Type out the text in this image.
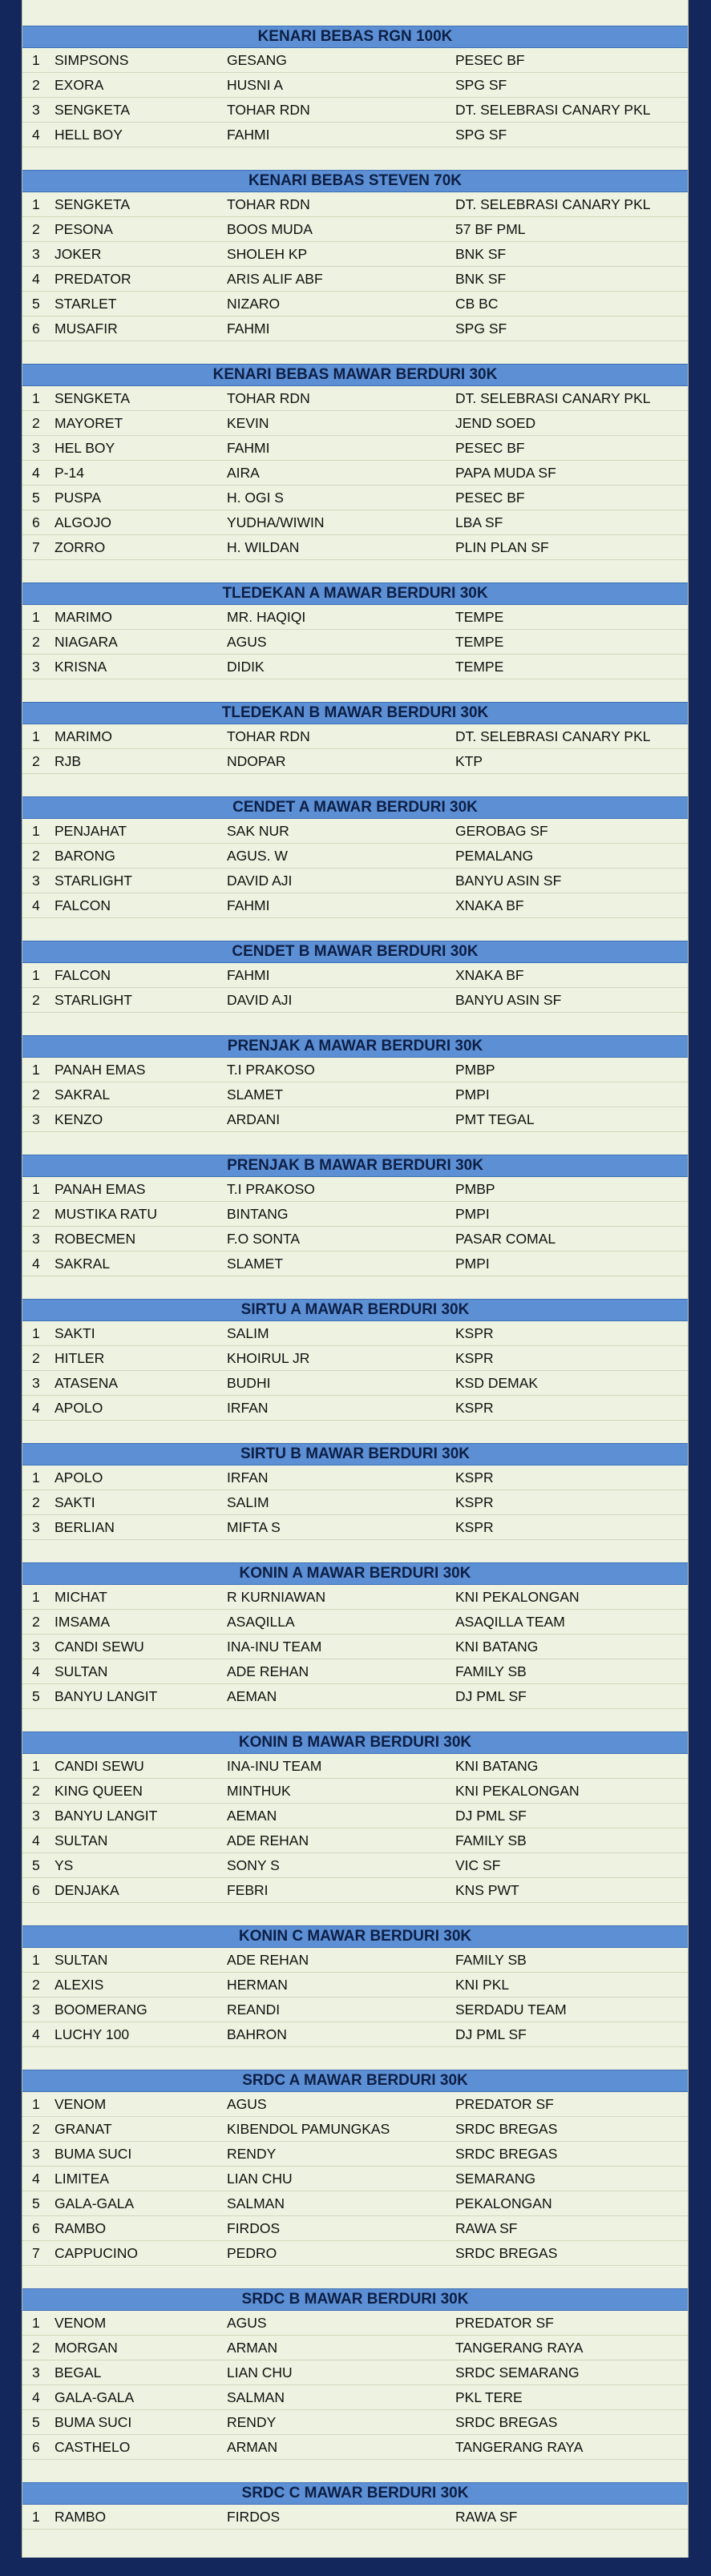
KENARI BEBAS RGN 100K
1 SIMPSONS	GESANG	PESEC BF
2 EXORA	HUSNI A	SPG SF
3 SENGKETA	TOHAR RDN	DT. SELEBRASI CANARY PKL
4 HELL BOY	FAHMI	SPG SF
KENARI BEBAS STEVEN 70K
1 SENGKETA	TOHAR RDN	DT. SELEBRASI CANARY PKL
2 PESONA	BOOS MUDA	57 BF PML
3 JOKER	SHOLEH KP	BNK SF
4 PREDATOR	ARIS ALIF ABF	BNK SF
5 STARLET	NIZARO	CB BC
6 MUSAFIR	FAHMI	SPG SF
KENARI BEBAS MAWAR BERDURI 30K
1 SENGKETA	TOHAR RDN	DT. SELEBRASI CANARY PKL
2 MAYORET	KEVIN	JEND SOED
3 HEL BOY	FAHMI	PESEC BF
4 P-14	AIRA	PAPA MUDA SF
5 PUSPA	H. OGI S	PESEC BF
6 ALGOJO	YUDHA/WIWIN	LBA SF
7 ZORRO	H. WILDAN	PLIN PLAN SF
TLEDEKAN A MAWAR BERDURI 30K
1 MARIMO	MR. HAQIQI	TEMPE
2 NIAGARA	AGUS	TEMPE
3 KRISNA	DIDIK	TEMPE
TLEDEKAN B MAWAR BERDURI 30K
1 MARIMO	TOHAR RDN	DT. SELEBRASI CANARY PKL
2 RJB	NDOPAR	KTP
CENDET A MAWAR BERDURI 30K
1 PENJAHAT	SAK NUR	GEROBAG SF
2 BARONG	AGUS. W	PEMALANG
3 STARLIGHT	DAVID AJI	BANYU ASIN SF
4 FALCON	FAHMI	XNAKA BF
CENDET B MAWAR BERDURI 30K
1 FALCON	FAHMI	XNAKA BF
2 STARLIGHT	DAVID AJI	BANYU ASIN SF
PRENJAK A MAWAR BERDURI 30K
1 PANAH EMAS	T.I PRAKOSO	PMBP
2 SAKRAL	SLAMET	PMPI
3 KENZO	ARDANI	PMT TEGAL
PRENJAK B MAWAR BERDURI 30K
1 PANAH EMAS	T.I PRAKOSO	PMBP
2 MUSTIKA RATU	BINTANG	PMPI
3 ROBECMEN	F.O SONTA	PASAR COMAL
4 SAKRAL	SLAMET	PMPI
SIRTU A MAWAR BERDURI 30K
1 SAKTI	SALIM	KSPR
2 HITLER	KHOIRUL JR	KSPR
3 ATASENA	BUDHI	KSD DEMAK
4 APOLO	IRFAN	KSPR
SIRTU B MAWAR BERDURI 30K
1 APOLO	IRFAN	KSPR
2 SAKTI	SALIM	KSPR
3 BERLIAN	MIFTA S	KSPR
KONIN A MAWAR BERDURI 30K
1 MICHAT	R KURNIAWAN	KNI PEKALONGAN
2 IMSAMA	ASAQILLA	ASAQILLA TEAM
3 CANDI SEWU	INA-INU TEAM	KNI BATANG
4 SULTAN	ADE REHAN	FAMILY SB
5 BANYU LANGIT	AEMAN	DJ PML SF
KONIN B MAWAR BERDURI 30K
1 CANDI SEWU	INA-INU TEAM	KNI BATANG
2 KING QUEEN	MINTHUK	KNI PEKALONGAN
3 BANYU LANGIT	AEMAN	DJ PML SF
4 SULTAN	ADE REHAN	FAMILY SB
5 YS	SONY S	VIC SF
6 DENJAKA	FEBRI	KNS PWT
KONIN C MAWAR BERDURI 30K
1 SULTAN	ADE REHAN	FAMILY SB
2 ALEXIS	HERMAN	KNI PKL
3 BOOMERANG	REANDI	SERDADU TEAM
4 LUCHY 100	BAHRON	DJ PML SF
SRDC A MAWAR BERDURI 30K
1 VENOM	AGUS	PREDATOR SF
2 GRANAT	KIBENDOL PAMUNGKAS	SRDC BREGAS
3 BUMA SUCI	RENDY	SRDC BREGAS
4 LIMITEA	LIAN CHU	SEMARANG
5 GALA-GALA	SALMAN	PEKALONGAN
6 RAMBO	FIRDOS	RAWA SF
7 CAPPUCINO	PEDRO	SRDC BREGAS
SRDC B MAWAR BERDURI 30K
1 VENOM	AGUS	PREDATOR SF
2 MORGAN	ARMAN	TANGERANG RAYA
3 BEGAL	LIAN CHU	SRDC SEMARANG
4 GALA-GALA	SALMAN	PKL TERE
5 BUMA SUCI	RENDY	SRDC BREGAS
6 CASTHELO	ARMAN	TANGERANG RAYA
SRDC C MAWAR BERDURI 30K
1 RAMBO	FIRDOS	RAWA SF
